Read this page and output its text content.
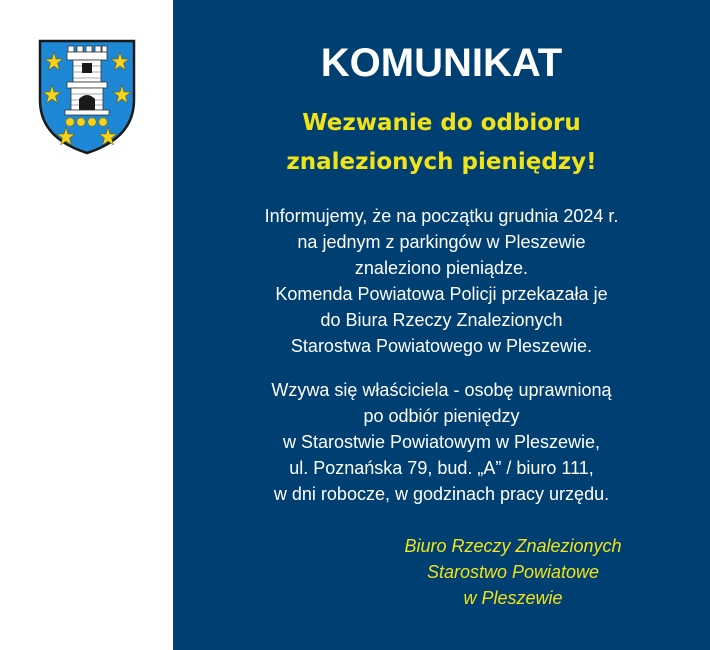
KOMUNIKAT
Wezwanie do odbioru
znalezionych pieniędzy!

Informujemy, że na początku grudnia 2024 r.
na jednym z parkingów w Pleszewie
znaleziono pieniądze.
Komenda Powiatowa Policji przekazała je
do Biura Rzeczy Znalezionych
Starostwa Powiatowego w Pleszewie.

Wzywa się właściciela - osobę uprawnioną
po odbiór pieniędzy
w Starostwie Powiatowym w Pleszewie,
ul. Poznańska 79, bud. „A” / biuro 111,
w dni robocze, w godzinach pracy urzędu.

Biuro Rzeczy Znalezionych
Starostwo Powiatowe
w Pleszewie
